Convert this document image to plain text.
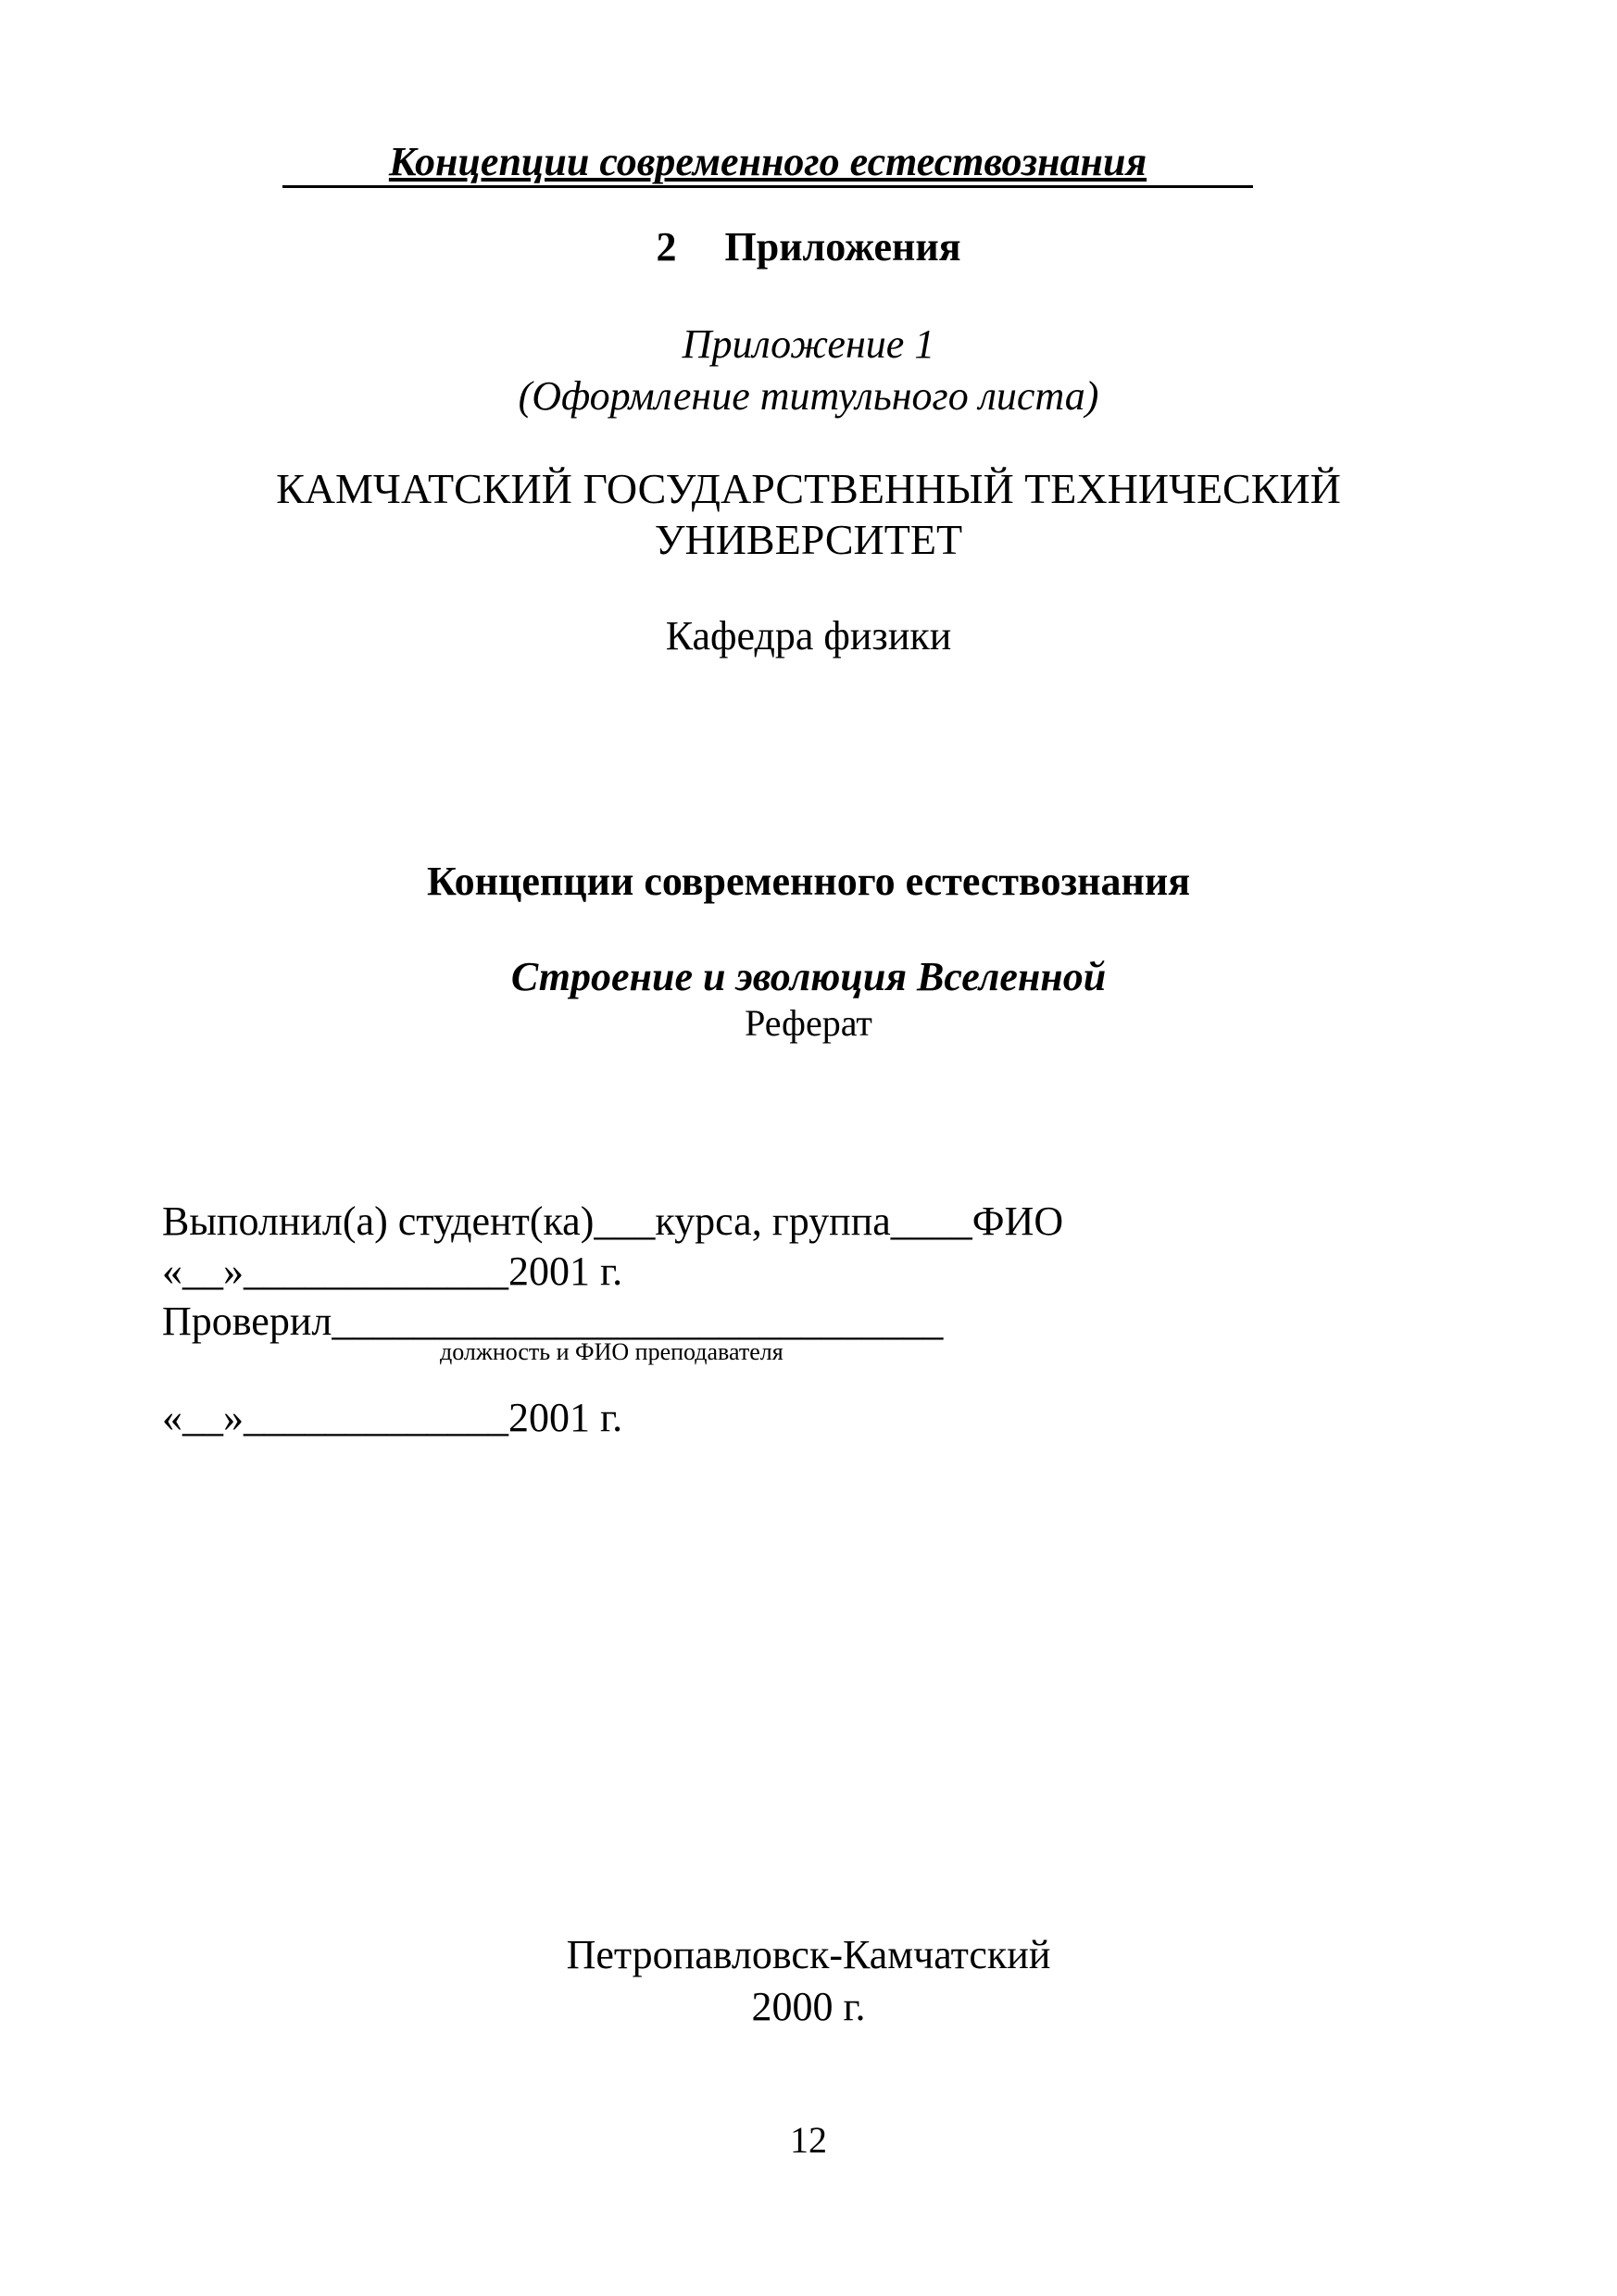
Концепции современного естествознания
2 Приложения
Приложение 1
(Оформление титульного листа)
КАМЧАТСКИЙ ГОСУДАРСТВЕННЫЙ ТЕХНИЧЕСКИЙ
УНИВЕРСИТЕТ
Кафедра физики
Концепции современного естествознания
Строение и эволюция Вселенной
Реферат
Выполнил(а) студент(ка)___курса, группа____ФИО
«__»_____________2001 г.
Проверил______________________________
должность и ФИО преподавателя
«__»_____________2001 г.
Петропавловск-Камчатский
2000 г.
12
